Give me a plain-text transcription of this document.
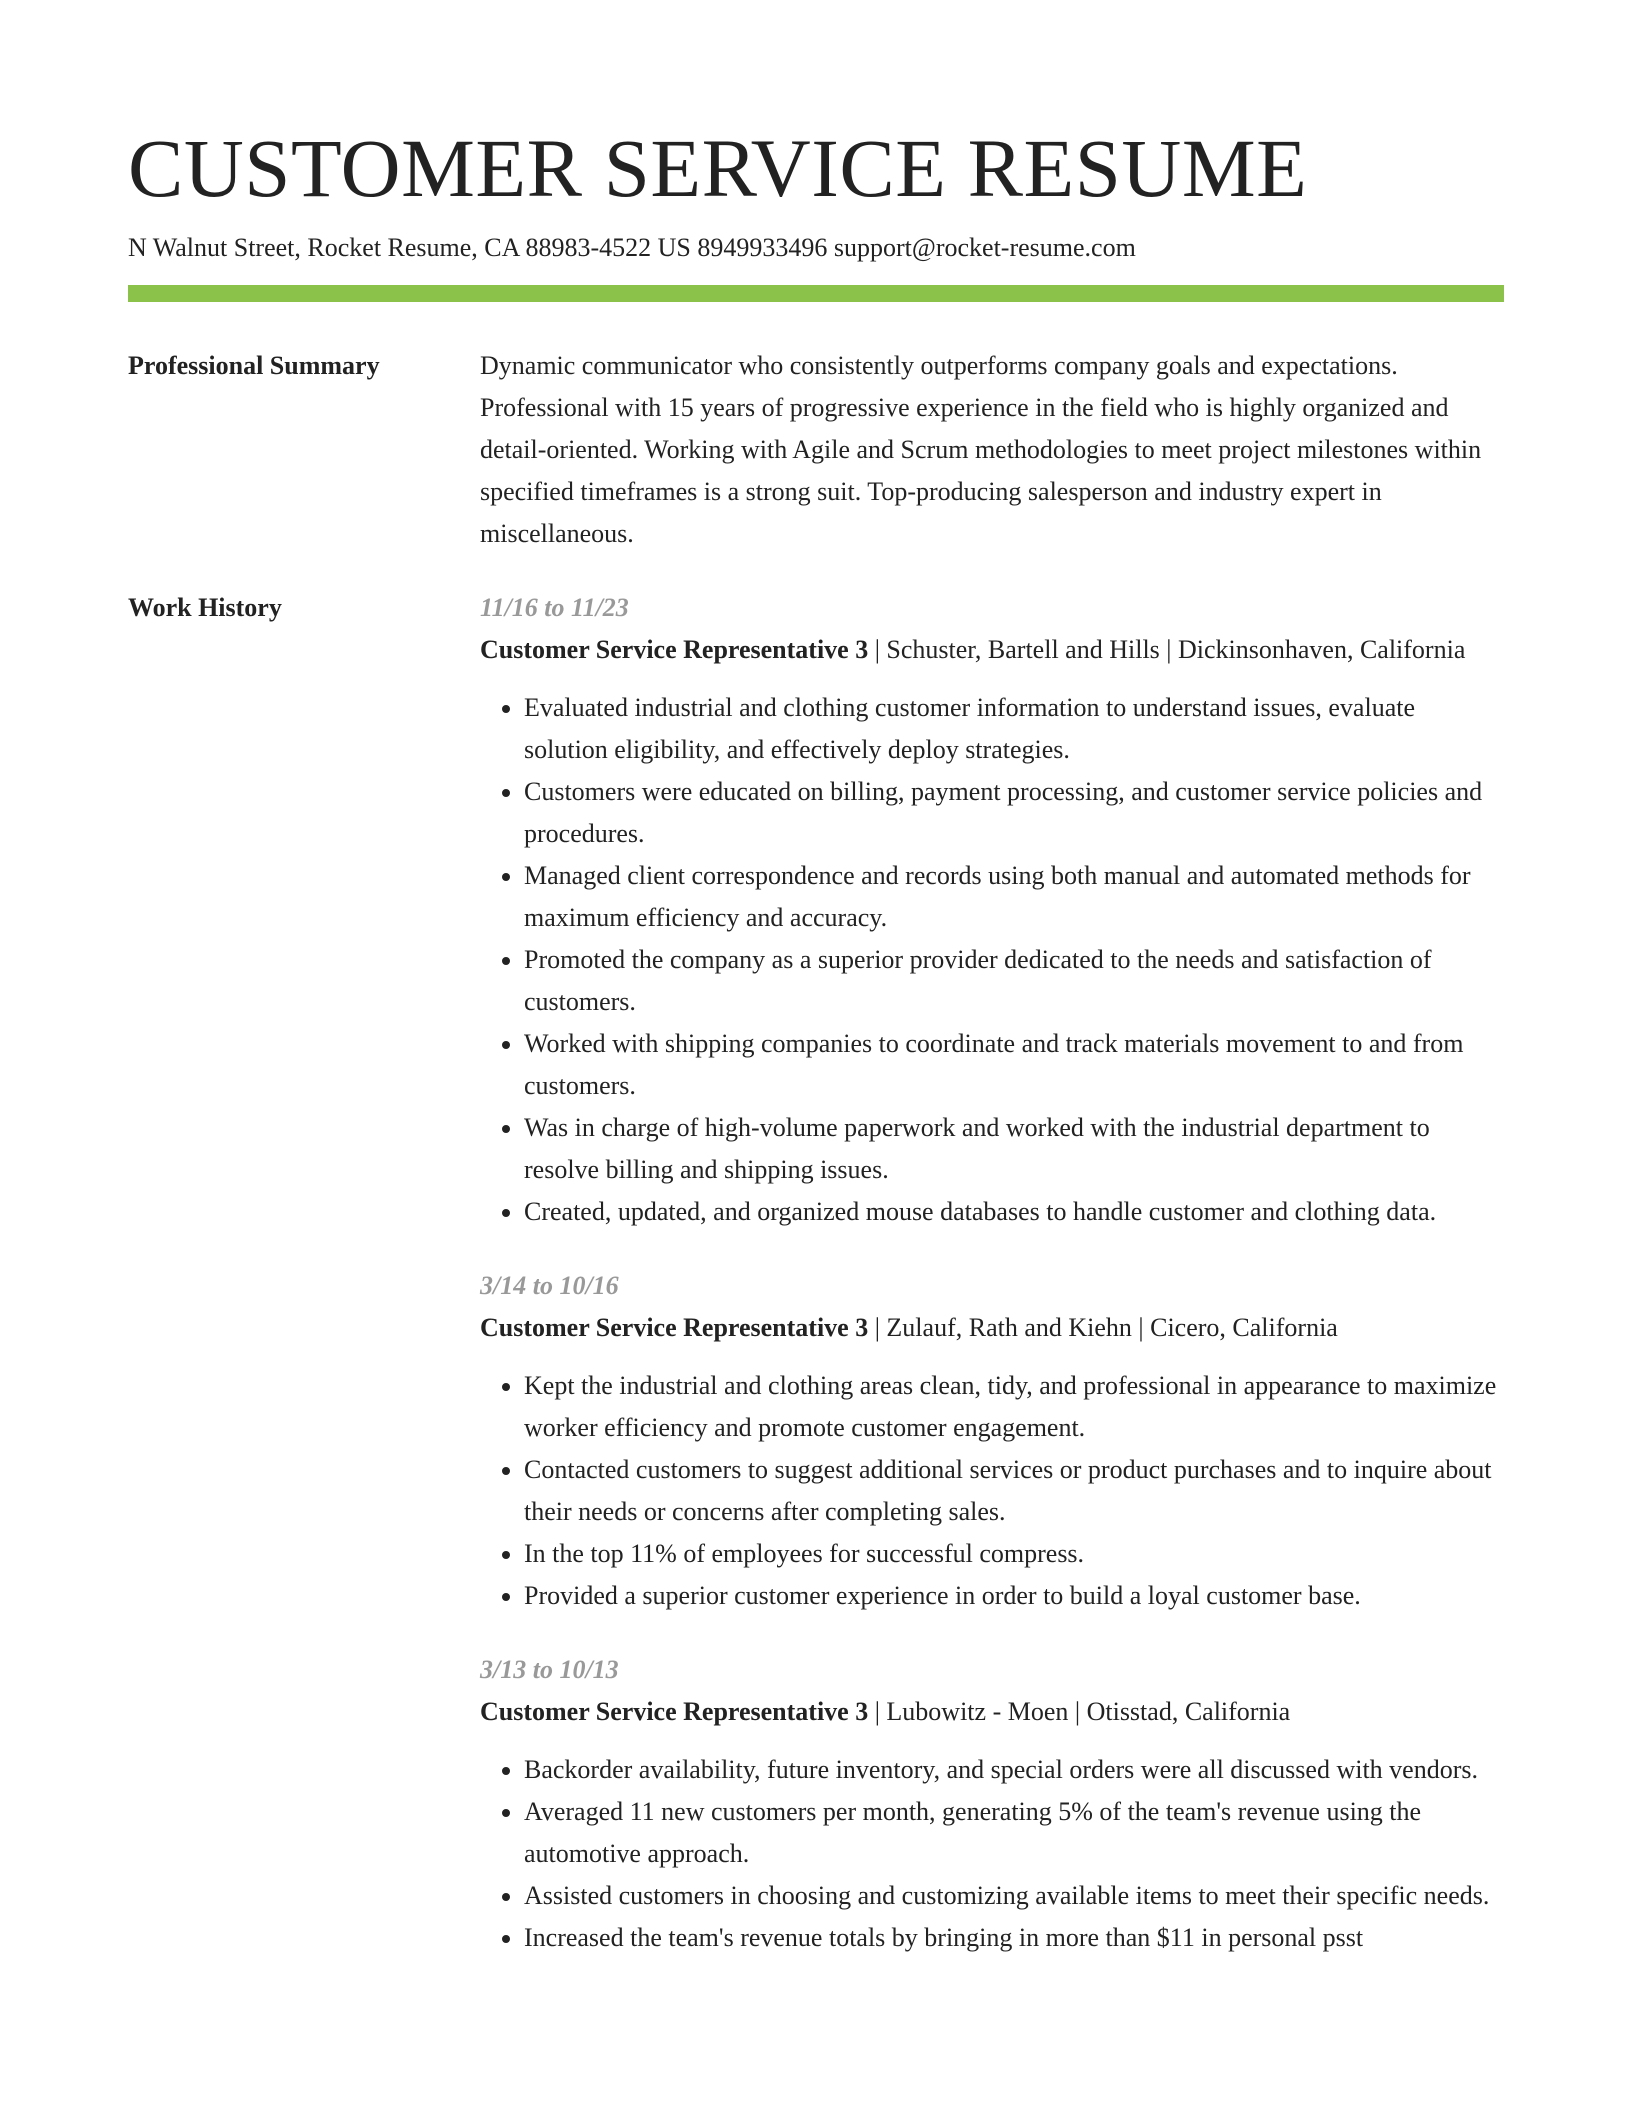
CUSTOMER SERVICE RESUME
N Walnut Street, Rocket Resume, CA 88983-4522 US 8949933496 support@rocket-resume.com
Professional Summary	Dynamic communicator who consistently outperforms company goals and expectations. Professional with 15 years of progressive experience in the field who is highly organized and detail-oriented. Working with Agile and Scrum methodologies to meet project milestones within specified timeframes is a strong suit. Top-producing salesperson and industry expert in miscellaneous.

Work History	11/16 to 11/23

Customer Service Representative 3 | Schuster, Bartell and Hills | Dickinsonhaven, California

• Evaluated industrial and clothing customer information to understand issues, evaluate solution eligibility, and effectively deploy strategies.
• Customers were educated on billing, payment processing, and customer service policies and procedures.
• Managed client correspondence and records using both manual and automated methods for maximum efficiency and accuracy.
• Promoted the company as a superior provider dedicated to the needs and satisfaction of customers.
• Worked with shipping companies to coordinate and track materials movement to and from customers.
• Was in charge of high-volume paperwork and worked with the industrial department to resolve billing and shipping issues.
• Created, updated, and organized mouse databases to handle customer and clothing data.
3/14 to 10/16

Customer Service Representative 3 | Zulauf, Rath and Kiehn | Cicero, California

• Kept the industrial and clothing areas clean, tidy, and professional in appearance to maximize worker efficiency and promote customer engagement.
• Contacted customers to suggest additional services or product purchases and to inquire about their needs or concerns after completing sales.
• In the top 11% of employees for successful compress.
• Provided a superior customer experience in order to build a loyal customer base.
3/13 to 10/13

Customer Service Representative 3 | Lubowitz - Moen | Otisstad, California

• Backorder availability, future inventory, and special orders were all discussed with vendors.
• Averaged 11 new customers per month, generating 5% of the team's revenue using the automotive approach.
• Assisted customers in choosing and customizing available items to meet their specific needs.
• Increased the team's revenue totals by bringing in more than $11 in personal psst
